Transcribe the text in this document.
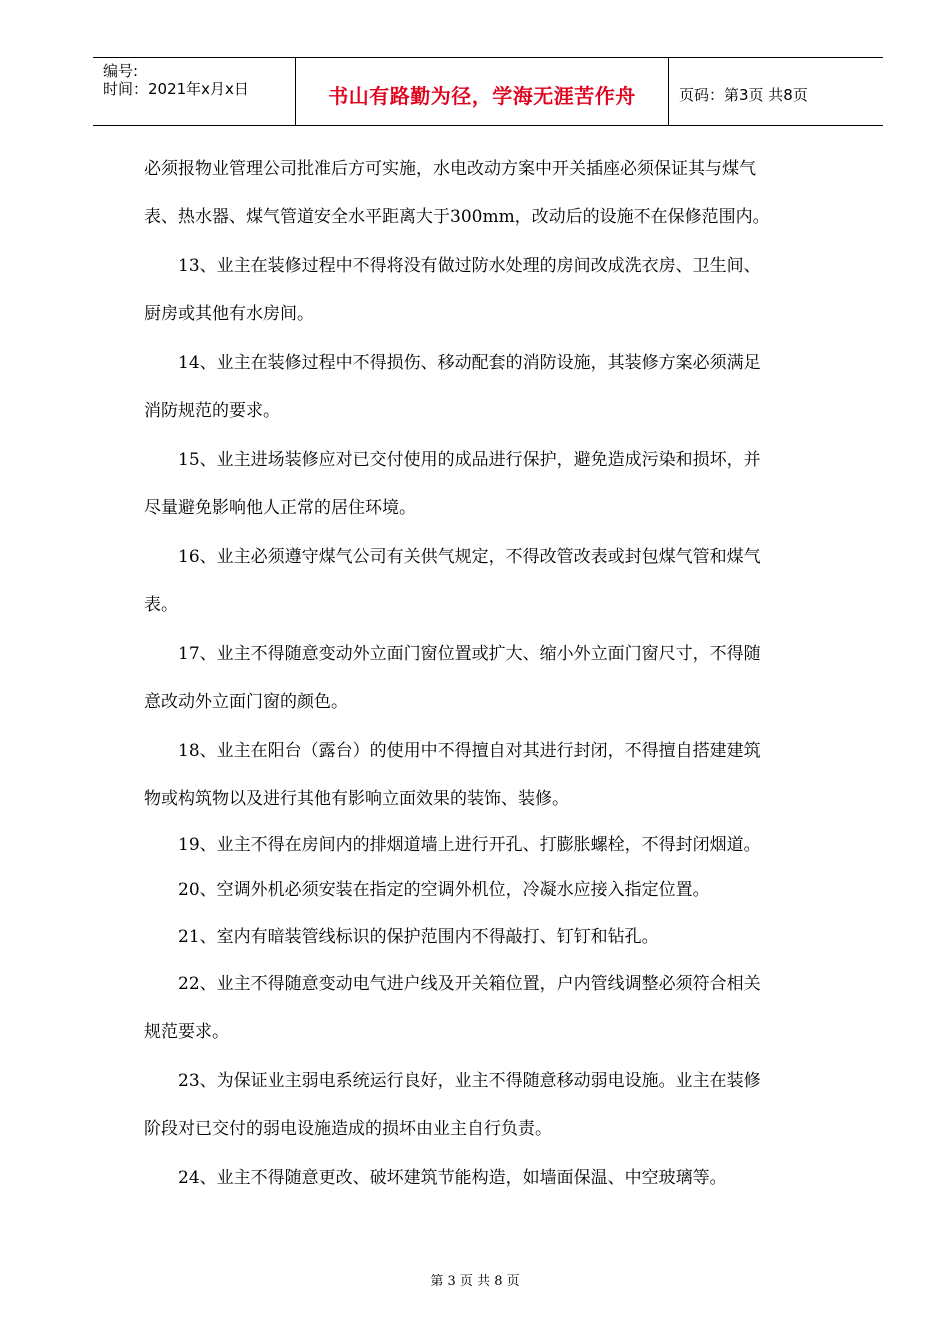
编号:
时间：2021年x月x日	书山有路勤为径，学海无涯苦作舟	页码：第3页 共8页
必须报物业管理公司批准后方可实施，水电改动方案中开关插座必须保证其与煤气
表、热水器、煤气管道安全水平距离大于300mm，改动后的设施不在保修范围内。
13、业主在装修过程中不得将没有做过防水处理的房间改成洗衣房、卫生间、
厨房或其他有水房间。
14、业主在装修过程中不得损伤、移动配套的消防设施，其装修方案必须满足
消防规范的要求。
15、业主进场装修应对已交付使用的成品进行保护，避免造成污染和损坏，并
尽量避免影响他人正常的居住环境。
16、业主必须遵守煤气公司有关供气规定，不得改管改表或封包煤气管和煤气
表。
17、业主不得随意变动外立面门窗位置或扩大、缩小外立面门窗尺寸，不得随
意改动外立面门窗的颜色。
18、业主在阳台（露台）的使用中不得擅自对其进行封闭，不得擅自搭建建筑
物或构筑物以及进行其他有影响立面效果的装饰、装修。
19、业主不得在房间内的排烟道墙上进行开孔、打膨胀螺栓，不得封闭烟道。
20、空调外机必须安装在指定的空调外机位，冷凝水应接入指定位置。
21、室内有暗装管线标识的保护范围内不得敲打、钉钉和钻孔。
22、业主不得随意变动电气进户线及开关箱位置，户内管线调整必须符合相关
规范要求。
23、为保证业主弱电系统运行良好，业主不得随意移动弱电设施。业主在装修
阶段对已交付的弱电设施造成的损坏由业主自行负责。
24、业主不得随意更改、破坏建筑节能构造，如墙面保温、中空玻璃等。
第 3 页 共 8 页
